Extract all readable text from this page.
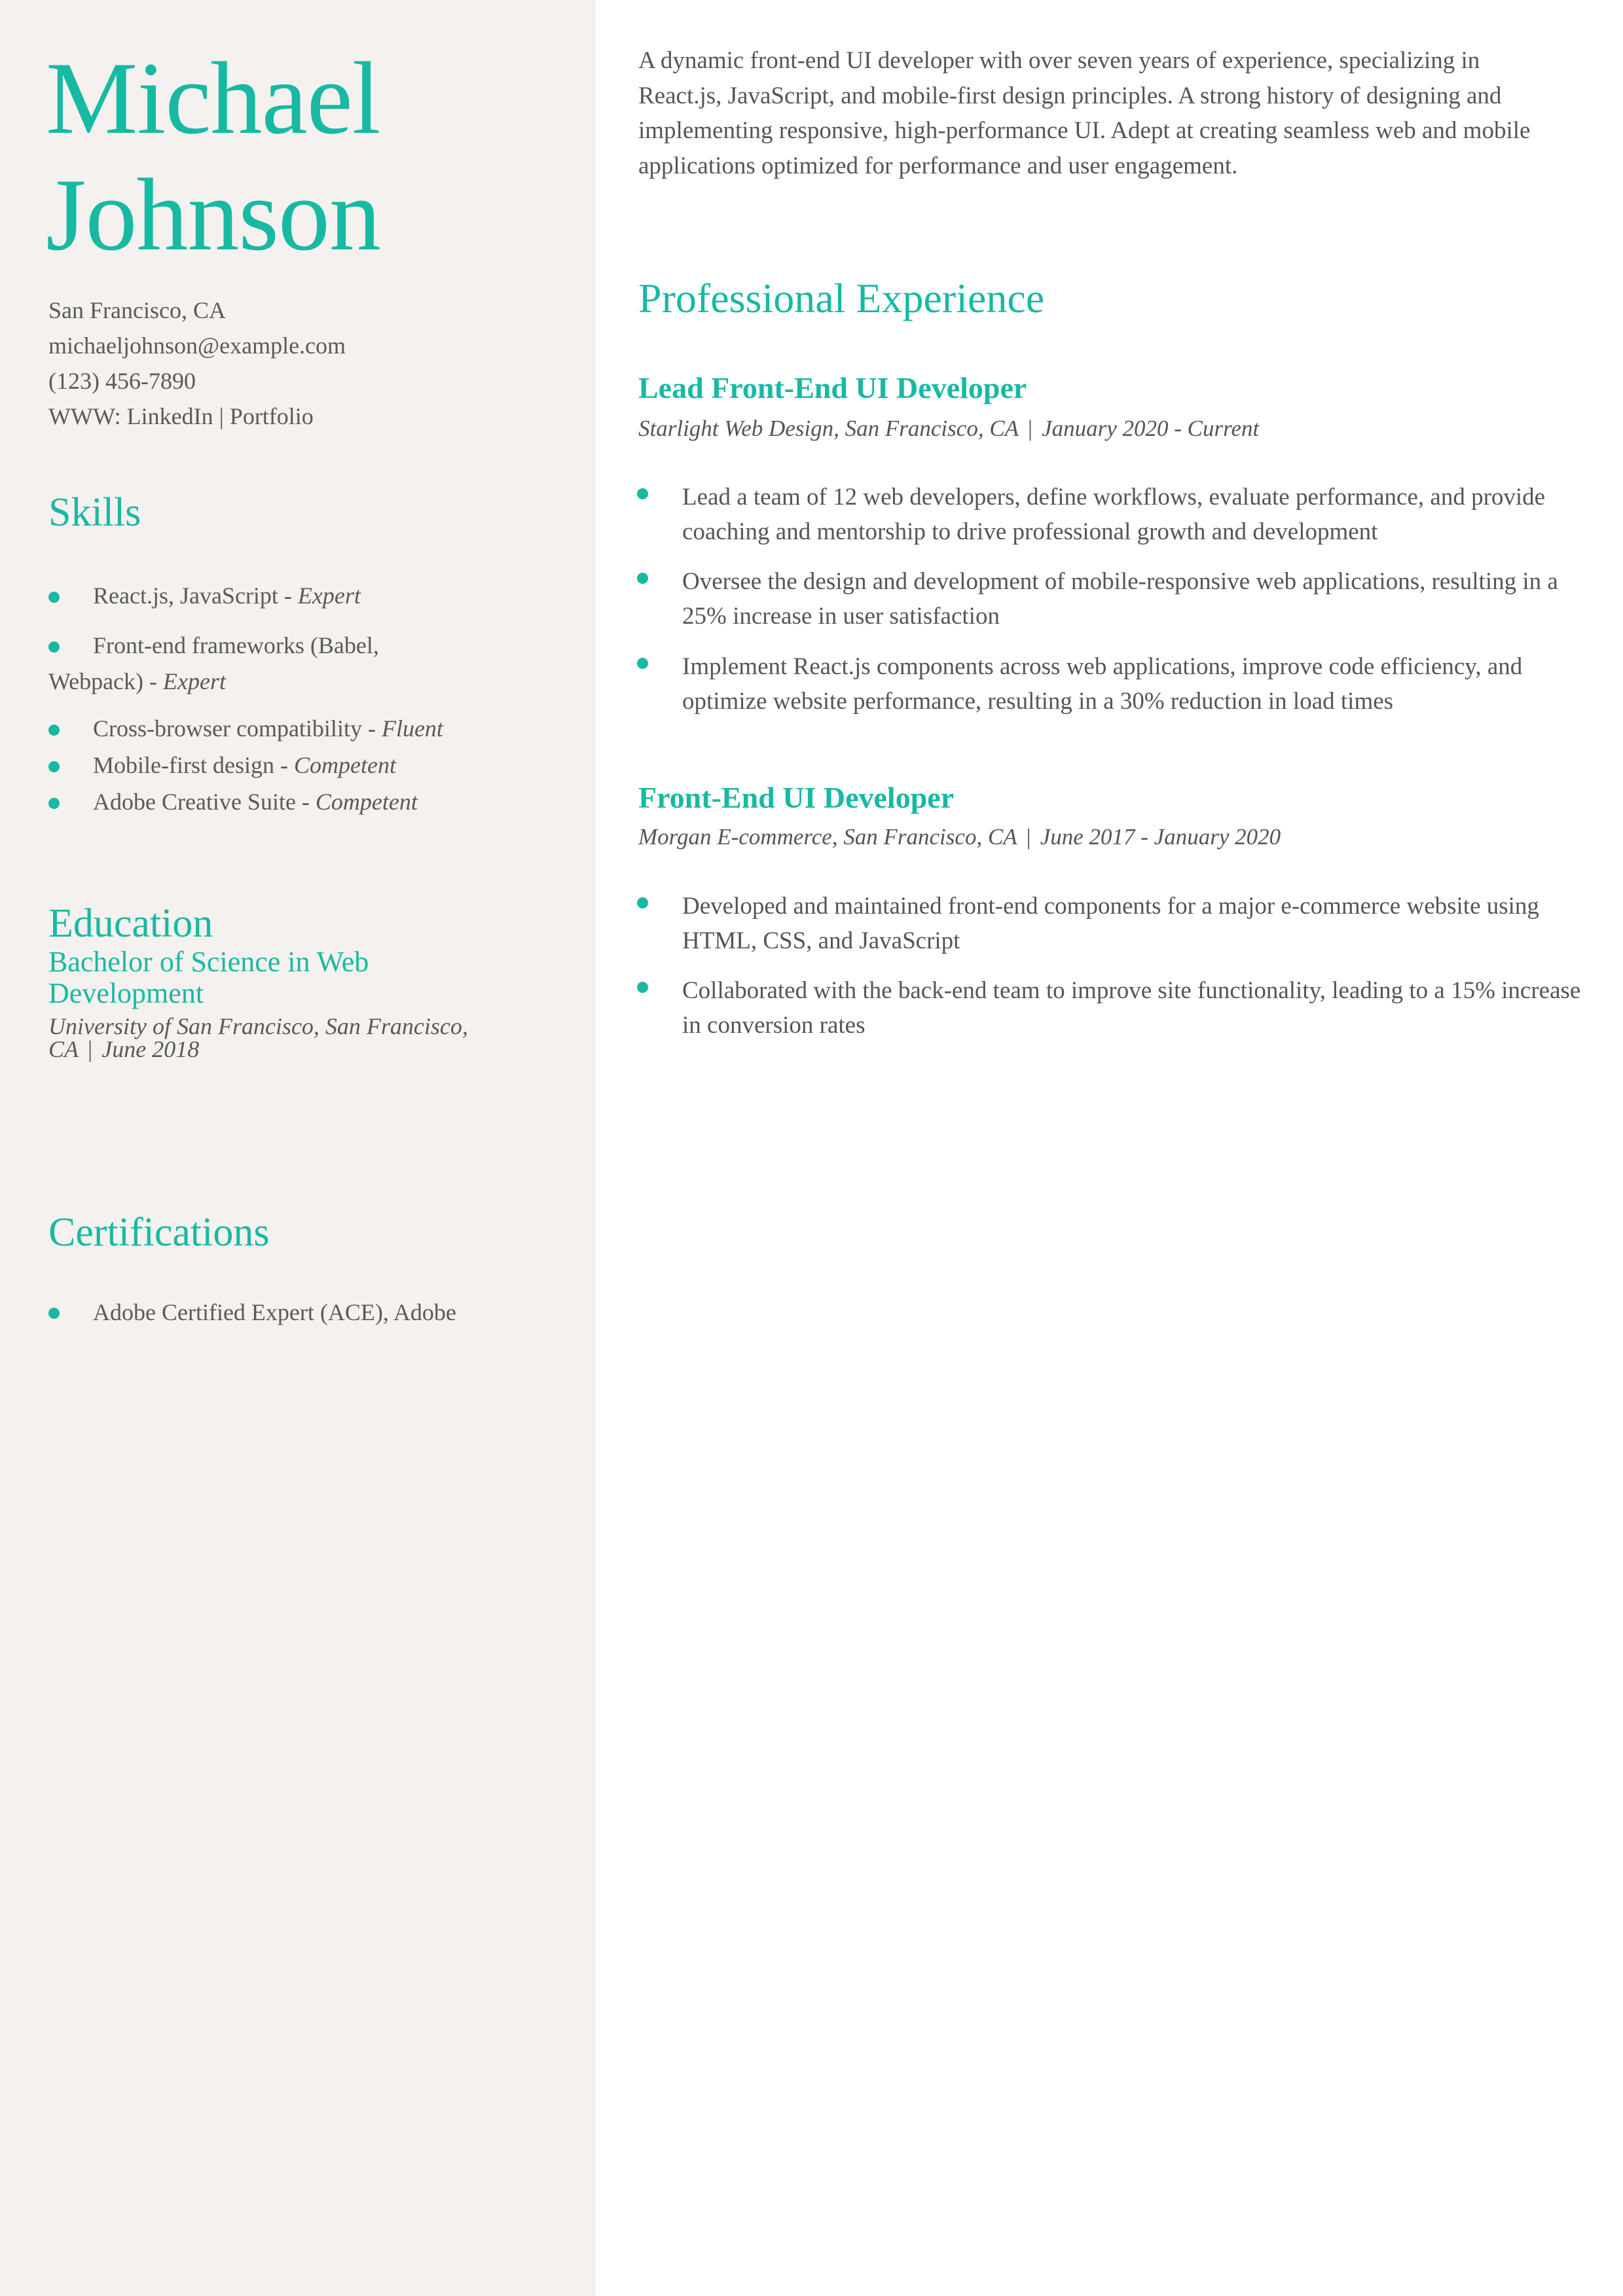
Michael
Johnson
San Francisco, CA
michaeljohnson@example.com
(123) 456-7890
WWW: LinkedIn | Portfolio
Skills
React.js, JavaScript - Expert
Front-end frameworks (Babel,
Webpack) - Expert
Cross-browser compatibility - Fluent
Mobile-first design - Competent
Adobe Creative Suite - Competent
Education
Bachelor of Science in Web
Development
University of San Francisco, San Francisco,
CA | June 2018
Certifications
Adobe Certified Expert (ACE), Adobe

A dynamic front-end UI developer with over seven years of experience, specializing in React.js, JavaScript, and mobile-first design principles. A strong history of designing and implementing responsive, high-performance UI. Adept at creating seamless web and mobile applications optimized for performance and user engagement.

Professional Experience
Lead Front-End UI Developer
Starlight Web Design, San Francisco, CA | January 2020 - Current

Lead a team of 12 web developers, define workflows, evaluate performance, and provide coaching and mentorship to drive professional growth and development

Oversee the design and development of mobile-responsive web applications, resulting in a 25% increase in user satisfaction

Implement React.js components across web applications, improve code efficiency, and optimize website performance, resulting in a 30% reduction in load times

Front-End UI Developer
Morgan E-commerce, San Francisco, CA | June 2017 - January 2020

Developed and maintained front-end components for a major e-commerce website using HTML, CSS, and JavaScript

Collaborated with the back-end team to improve site functionality, leading to a 15% increase in conversion rates
